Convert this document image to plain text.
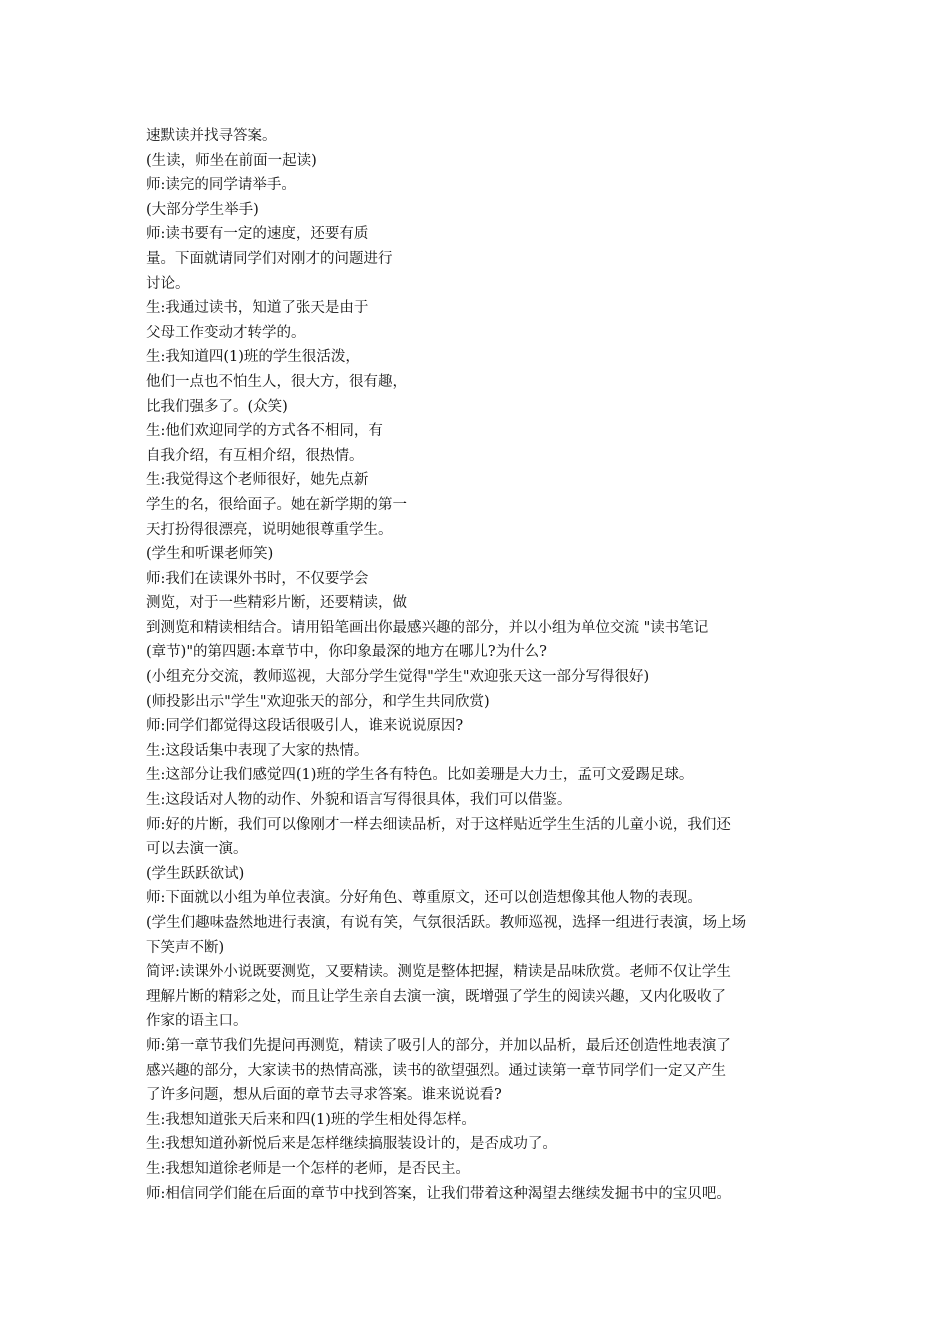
速默读并找寻答案。
(生读，师坐在前面一起读)
师:读完的同学请举手。
(大部分学生举手)
师:读书要有一定的速度，还要有质
量。下面就请同学们对刚才的问题进行
讨论。
生:我通过读书，知道了张天是由于
父母工作变动才转学的。
生:我知道四(1)班的学生很活泼，
他们一点也不怕生人，很大方，很有趣，
比我们强多了。(众笑)
生:他们欢迎同学的方式各不相同，有
自我介绍，有互相介绍，很热情。
生:我觉得这个老师很好，她先点新
学生的名，很给面子。她在新学期的第一
天打扮得很漂亮，说明她很尊重学生。
(学生和听课老师笑)
师:我们在读课外书时，不仅要学会
测览，对于一些精彩片断，还要精读，做
到测览和精读相结合。请用铅笔画出你最感兴趣的部分，并以小组为单位交流 "读书笔记
(章节)"的第四题:本章节中，你印象最深的地方在哪儿?为什么?
(小组充分交流，教师巡视，大部分学生觉得"学生"欢迎张天这一部分写得很好)
(师投影出示"学生"欢迎张天的部分，和学生共同欣赏)
师:同学们都觉得这段话很吸引人，谁来说说原因?
生:这段话集中表现了大家的热情。
生:这部分让我们感觉四(1)班的学生各有特色。比如姜珊是大力士，孟可文爱踢足球。
生:这段话对人物的动作、外貌和语言写得很具体，我们可以借鉴。
师:好的片断，我们可以像刚才一样去细读品析，对于这样贴近学生生活的儿童小说，我们还
可以去演一演。
(学生跃跃欲试)
师:下面就以小组为单位表演。分好角色、尊重原文，还可以创造想像其他人物的表现。
(学生们趣味盎然地进行表演，有说有笑，气氛很活跃。教师巡视，选择一组进行表演，场上场
下笑声不断)
简评:读课外小说既要测览，又要精读。测览是整体把握，精读是品味欣赏。老师不仅让学生
理解片断的精彩之处，而且让学生亲自去演一演，既增强了学生的阅读兴趣，又内化吸收了
作家的语主口。
师:第一章节我们先提问再测览，精读了吸引人的部分，并加以品析，最后还创造性地表演了
感兴趣的部分，大家读书的热情高涨，读书的欲望强烈。通过读第一章节同学们一定又产生
了许多问题，想从后面的章节去寻求答案。谁来说说看?
生:我想知道张天后来和四(1)班的学生相处得怎样。
生:我想知道孙新悦后来是怎样继续搞服装设计的，是否成功了。
生:我想知道徐老师是一个怎样的老师，是否民主。
师:相信同学们能在后面的章节中找到答案，让我们带着这种渴望去继续发掘书中的宝贝吧。
